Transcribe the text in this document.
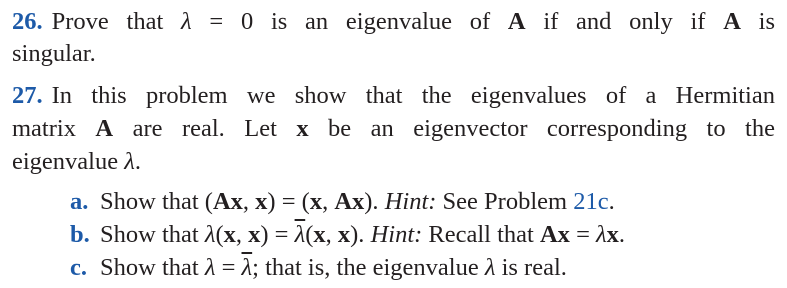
26. Prove that λ = 0 is an eigenvalue of A if and only if A is
singular.
27. In this problem we show that the eigenvalues of a Hermitian
matrix A are real. Let x be an eigenvector corresponding to the
eigenvalue λ.
a. Show that (Ax, x) = (x, Ax). Hint: See Problem 21c.
b. Show that λ(x, $x) = \overline{\lambda}(x$, x). Hint: Recall that Ax = λx.
c. Show that $\lambda = \overline{\lambda}$; that is, the eigenvalue λ is real.
